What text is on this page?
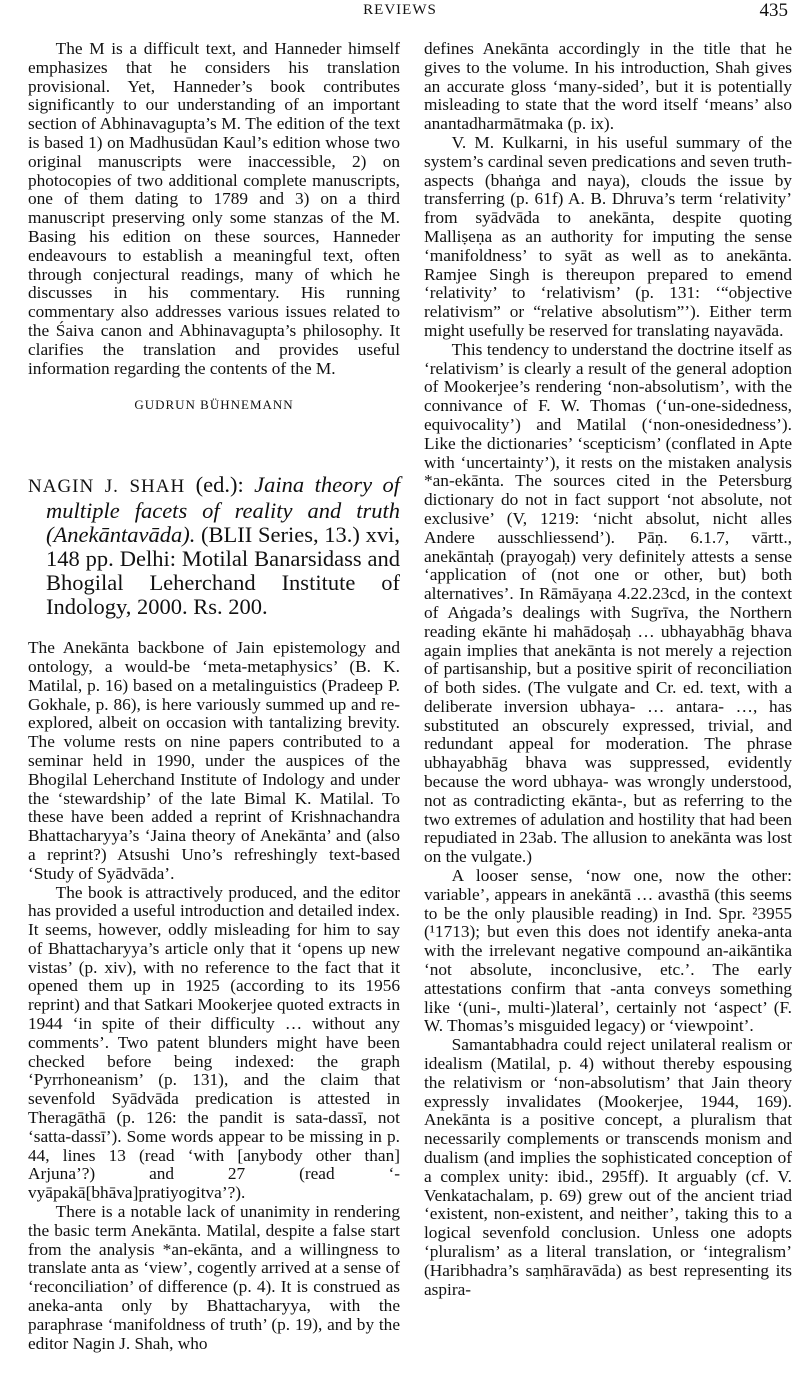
REVIEWS	435

The M is a difficult text, and Hanneder himself emphasizes that he considers his translation provisional. Yet, Hanneder’s book contributes significantly to our understanding of an important section of Abhinavagupta’s M. The edition of the text is based 1) on Madhusūdan Kaul’s edition whose two original manuscripts were inaccessible, 2) on photocopies of two additional complete manuscripts, one of them dating to 1789 and 3) on a third manuscript preserving only some stanzas of the M. Basing his edition on these sources, Hanneder endeavours to establish a meaningful text, often through conjectural readings, many of which he discusses in his commentary. His running commentary also addresses various issues related to the Śaiva canon and Abhinavagupta’s philosophy. It clarifies the translation and provides useful information regarding the contents of the M.

GUDRUN BÜHNEMANN
NAGIN J. SHAH (ed.): Jaina theory of multiple facets of reality and truth (Anekāntavāda). (BLII Series, 13.) xvi, 148 pp. Delhi: Motilal Banarsidass and Bhogilal Leherchand Institute of Indology, 2000. Rs. 200.

The Anekānta backbone of Jain epistemology and ontology, a would-be ‘meta-metaphysics’ (B. K. Matilal, p. 16) based on a metalinguistics (Pradeep P. Gokhale, p. 86), is here variously summed up and re-explored, albeit on occasion with tantalizing brevity. The volume rests on nine papers contributed to a seminar held in 1990, under the auspices of the Bhogilal Leherchand Institute of Indology and under the ‘stewardship’ of the late Bimal K. Matilal. To these have been added a reprint of Krishnachandra Bhattacharyya’s ‘Jaina theory of Anekānta’ and (also a reprint?) Atsushi Uno’s refreshingly text-based ‘Study of Syādvāda’.

The book is attractively produced, and the editor has provided a useful introduction and detailed index. It seems, however, oddly misleading for him to say of Bhattacharyya’s article only that it ‘opens up new vistas’ (p. xiv), with no reference to the fact that it opened them up in 1925 (according to its 1956 reprint) and that Satkari Mookerjee quoted extracts in 1944 ‘in spite of their difficulty … without any comments’. Two patent blunders might have been checked before being indexed: the graph ‘Pyrrhoneanism’ (p. 131), and the claim that sevenfold Syādvāda predication is attested in Theragāthā (p. 126: the pandit is sata-dassī, not ‘satta-dassī’). Some words appear to be missing in p. 44, lines 13 (read ‘with [anybody other than] Arjuna’?) and 27 (read ‘-vyāpakā[bhāva]pratiyogitva’?).

There is a notable lack of unanimity in rendering the basic term Anekānta. Matilal, despite a false start from the analysis *an-ekānta, and a willingness to translate anta as ‘view’, cogently arrived at a sense of ‘reconciliation’ of difference (p. 4). It is construed as aneka-anta only by Bhattacharyya, with the paraphrase ‘manifoldness of truth’ (p. 19), and by the editor Nagin J. Shah, who

defines Anekānta accordingly in the title that he gives to the volume. In his introduction, Shah gives an accurate gloss ‘many-sided’, but it is potentially misleading to state that the word itself ‘means’ also anantadharmātmaka (p. ix).

V. M. Kulkarni, in his useful summary of the system’s cardinal seven predications and seven truth-aspects (bhaṅga and naya), clouds the issue by transferring (p. 61f) A. B. Dhruva’s term ‘relativity’ from syādvāda to anekānta, despite quoting Malliṣeṇa as an authority for imputing the sense ‘manifoldness’ to syāt as well as to anekānta. Ramjee Singh is thereupon prepared to emend ‘relativity’ to ‘relativism’ (p. 131: ‘“objective relativism” or “relative absolutism”’). Either term might usefully be reserved for translating nayavāda.

This tendency to understand the doctrine itself as ‘relativism’ is clearly a result of the general adoption of Mookerjee’s rendering ‘non-absolutism’, with the connivance of F. W. Thomas (‘un-one-sidedness, equivocality’) and Matilal (‘non-onesidedness’). Like the dictionaries’ ‘scepticism’ (conflated in Apte with ‘uncertainty’), it rests on the mistaken analysis *an-ekānta. The sources cited in the Petersburg dictionary do not in fact support ‘not absolute, not exclusive’ (V, 1219: ‘nicht absolut, nicht alles Andere ausschliessend’). Pāṇ. 6.1.7, vārtt., anekāntaḥ (prayogaḥ) very definitely attests a sense ‘application of (not one or other, but) both alternatives’. In Rāmāyaṇa 4.22.23cd, in the context of Aṅgada’s dealings with Sugrīva, the Northern reading ekānte hi mahādoṣaḥ … ubhayabhāg bhava again implies that anekānta is not merely a rejection of partisanship, but a positive spirit of reconciliation of both sides. (The vulgate and Cr. ed. text, with a deliberate inversion ubhaya- … antara- …, has substituted an obscurely expressed, trivial, and redundant appeal for moderation. The phrase ubhayabhāg bhava was suppressed, evidently because the word ubhaya- was wrongly understood, not as contradicting ekānta-, but as referring to the two extremes of adulation and hostility that had been repudiated in 23ab. The allusion to anekānta was lost on the vulgate.)

A looser sense, ‘now one, now the other: variable’, appears in anekāntā … avasthā (this seems to be the only plausible reading) in Ind. Spr. ²3955 (¹1713); but even this does not identify aneka-anta with the irrelevant negative compound an-aikāntika ‘not absolute, inconclusive, etc.’. The early attestations confirm that -anta conveys something like ‘(uni-, multi-)lateral’, certainly not ‘aspect’ (F. W. Thomas’s misguided legacy) or ‘viewpoint’.

Samantabhadra could reject unilateral realism or idealism (Matilal, p. 4) without thereby espousing the relativism or ‘non-absolutism’ that Jain theory expressly invalidates (Mookerjee, 1944, 169). Anekānta is a positive concept, a pluralism that necessarily complements or transcends monism and dualism (and implies the sophisticated conception of a complex unity: ibid., 295ff). It arguably (cf. V. Venkatachalam, p. 69) grew out of the ancient triad ‘existent, non-existent, and neither’, taking this to a logical sevenfold conclusion. Unless one adopts ‘pluralism’ as a literal translation, or ‘integralism’ (Haribhadra’s saṃhāravāda) as best representing its aspira-
